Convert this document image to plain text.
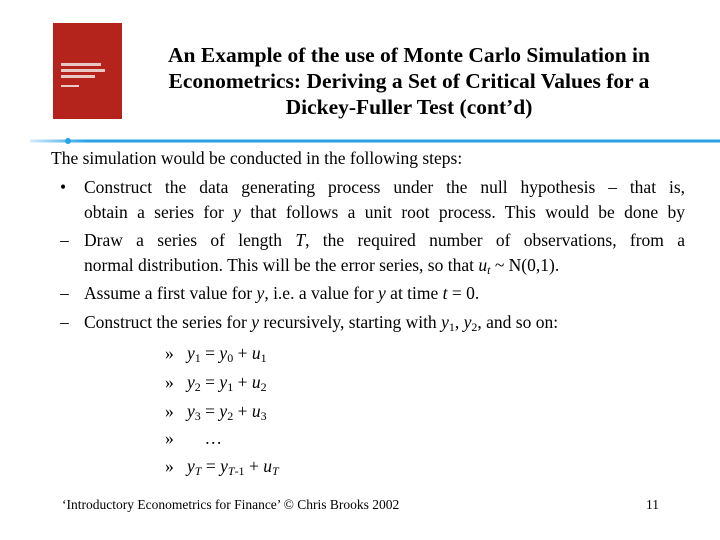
An Example of the use of Monte Carlo Simulation in
Econometrics: Deriving a Set of Critical Values for a
Dickey-Fuller Test (cont’d)
The simulation would be conducted in the following steps:
• Construct the data generating process under the null hypothesis – that is,
obtain a series for y that follows a unit root process. This would be done by
– Draw a series of length T, the required number of observations, from a
normal distribution. This will be the error series, so that $u_t$ ~ N(0,1).
– Assume a first value for y, i.e. a value for y at time t = 0.
– Construct the series for y recursively, starting with $y_1$, $y_2$, and so on:
» $y_1 = y_0 + u_1$
» $y_2 = y_1 + u_2$
» $y_3 = y_2 + u_3$
» …
» $y_T = y_{T-1} + u_T$
‘Introductory Econometrics for Finance’ © Chris Brooks 2002	11
